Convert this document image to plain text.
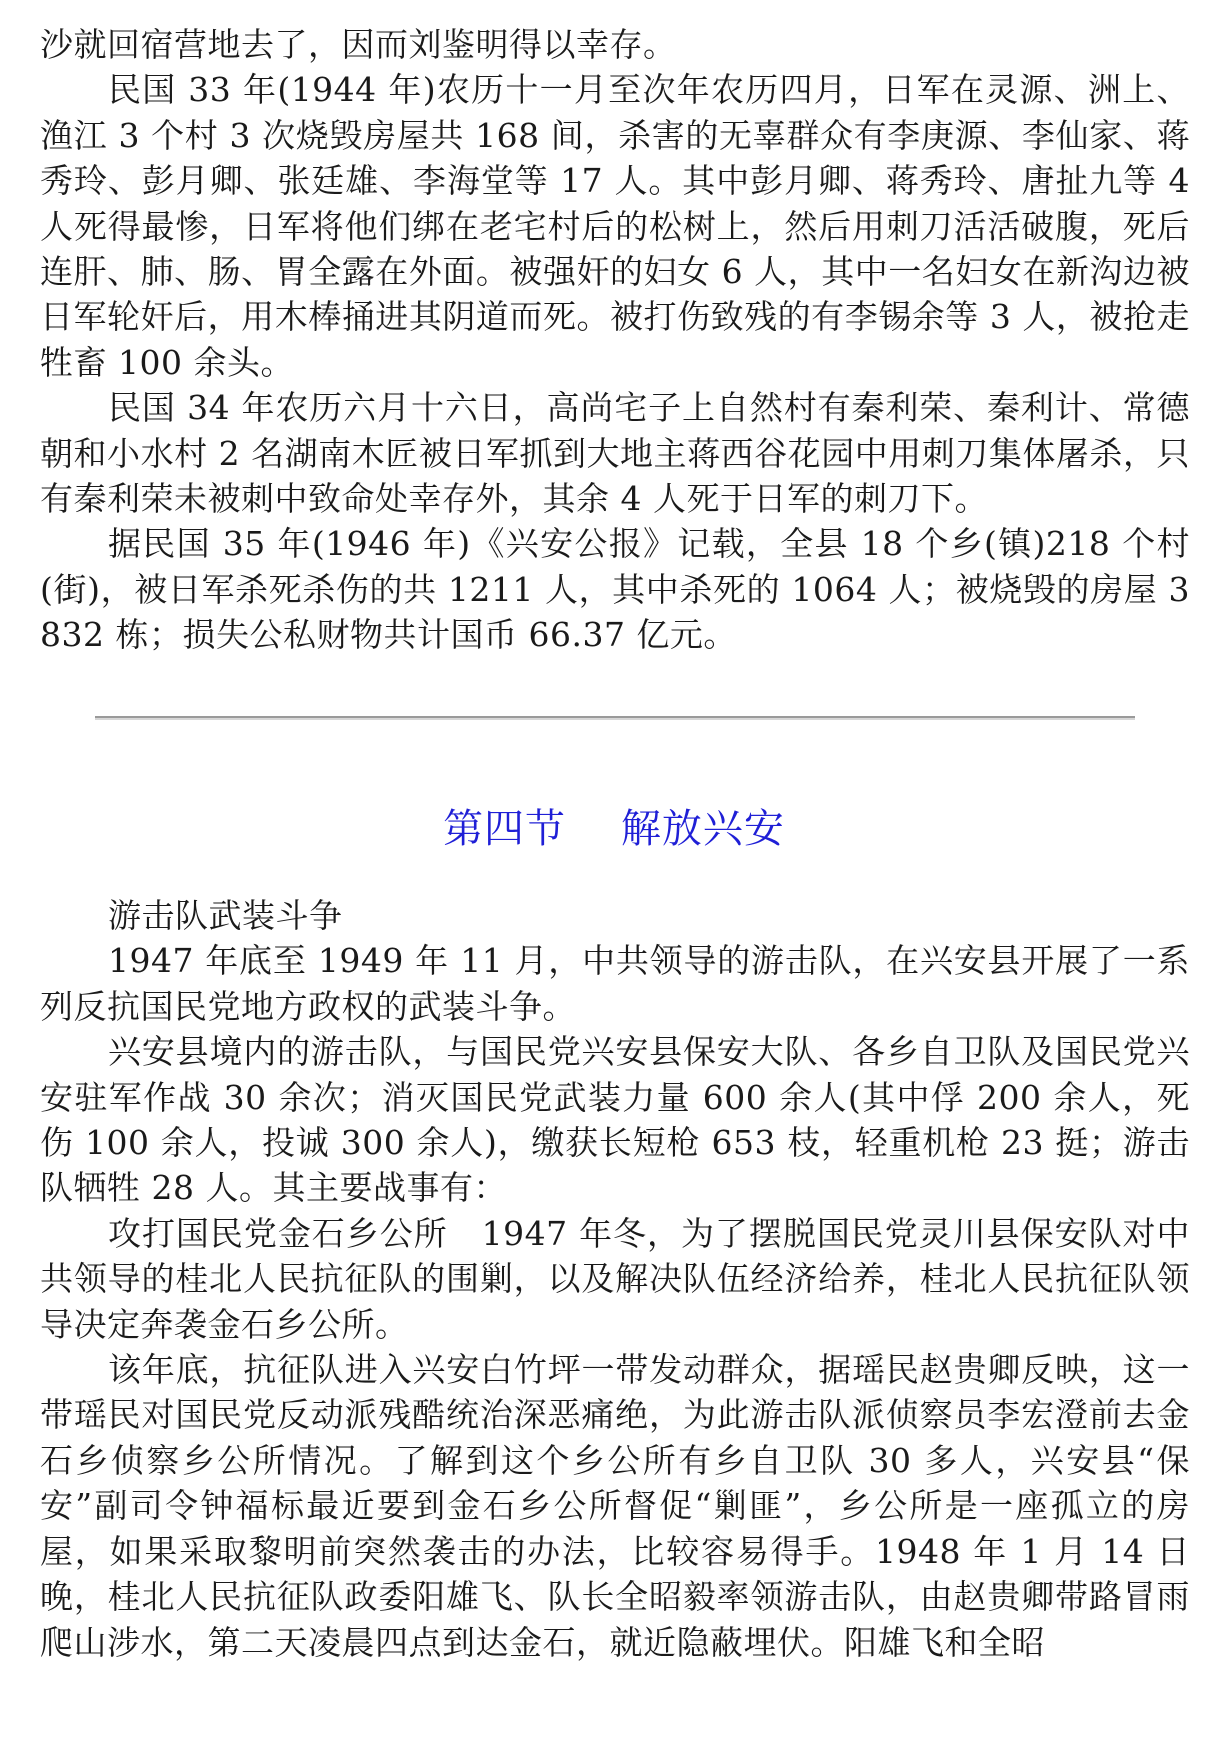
沙就回宿营地去了，因而刘鉴明得以幸存。

民国 33 年(1944 年)农历十一月至次年农历四月，日军在灵源、洲上、渔江 3 个村 3 次烧毁房屋共 168 间，杀害的无辜群众有李庚源、李仙家、蒋秀玲、彭月卿、张廷雄、李海堂等 17 人。其中彭月卿、蒋秀玲、唐扯九等 4 人死得最惨，日军将他们绑在老宅村后的松树上，然后用刺刀活活破腹，死后连肝、肺、肠、胃全露在外面。被强奸的妇女 6 人，其中一名妇女在新沟边被日军轮奸后，用木棒捅进其阴道而死。被打伤致残的有李锡余等 3 人，被抢走牲畜 100 余头。

民国 34 年农历六月十六日，高尚宅子上自然村有秦利荣、秦利计、常德朝和小水村 2 名湖南木匠被日军抓到大地主蒋西谷花园中用刺刀集体屠杀，只有秦利荣未被刺中致命处幸存外，其余 4 人死于日军的刺刀下。

据民国 35 年(1946 年)《兴安公报》记载，全县 18 个乡(镇)218 个村(街)，被日军杀死杀伤的共 1211 人，其中杀死的 1064 人；被烧毁的房屋 3832 栋；损失公私财物共计国币 66.37 亿元。

第四节    解放兴安

游击队武装斗争

1947 年底至 1949 年 11 月，中共领导的游击队，在兴安县开展了一系列反抗国民党地方政权的武装斗争。

兴安县境内的游击队，与国民党兴安县保安大队、各乡自卫队及国民党兴安驻军作战 30 余次；消灭国民党武装力量 600 余人(其中俘 200 余人，死伤 100 余人，投诚 300 余人)，缴获长短枪 653 枝，轻重机枪 23 挺；游击队牺牲 28 人。其主要战事有：

攻打国民党金石乡公所　1947 年冬，为了摆脱国民党灵川县保安队对中共领导的桂北人民抗征队的围剿，以及解决队伍经济给养，桂北人民抗征队领导决定奔袭金石乡公所。

该年底，抗征队进入兴安白竹坪一带发动群众，据瑶民赵贵卿反映，这一带瑶民对国民党反动派残酷统治深恶痛绝，为此游击队派侦察员李宏澄前去金石乡侦察乡公所情况。了解到这个乡公所有乡自卫队 30 多人，兴安县“保安”副司令钟福标最近要到金石乡公所督促“剿匪”，乡公所是一座孤立的房屋，如果采取黎明前突然袭击的办法，比较容易得手。1948 年 1 月 14 日晚，桂北人民抗征队政委阳雄飞、队长全昭毅率领游击队，由赵贵卿带路冒雨爬山涉水，第二天凌晨四点到达金石，就近隐蔽埋伏。阳雄飞和全昭
